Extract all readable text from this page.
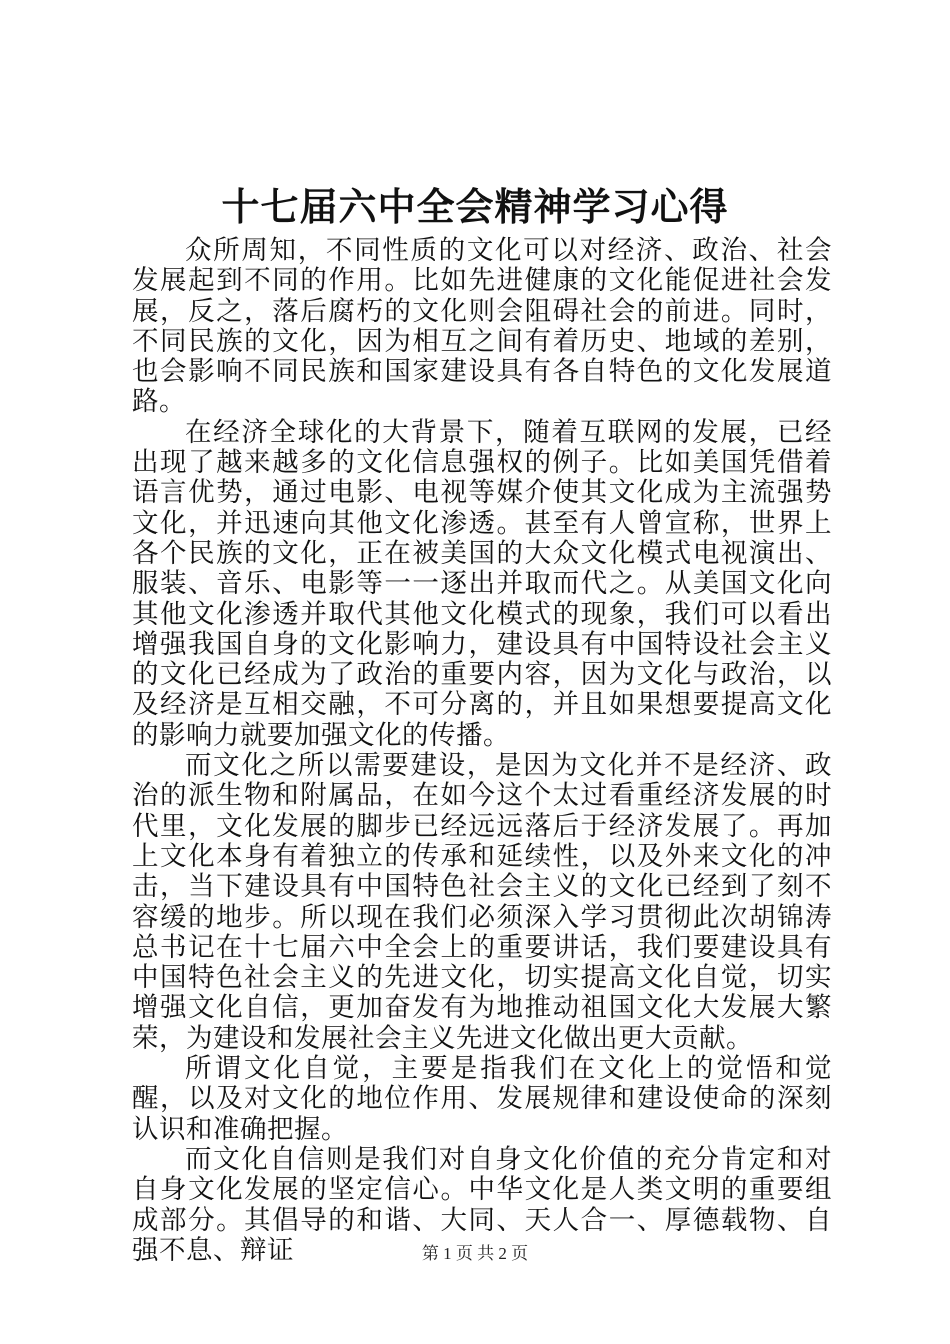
十七届六中全会精神学习心得

众所周知，不同性质的文化可以对经济、政治、社会发展起到不同的作用。比如先进健康的文化能促进社会发展，反之，落后腐朽的文化则会阻碍社会的前进。同时，不同民族的文化，因为相互之间有着历史、地域的差别，也会影响不同民族和国家建设具有各自特色的文化发展道路。

在经济全球化的大背景下，随着互联网的发展，已经出现了越来越多的文化信息强权的例子。比如美国凭借着语言优势，通过电影、电视等媒介使其文化成为主流强势文化，并迅速向其他文化渗透。甚至有人曾宣称，世界上各个民族的文化，正在被美国的大众文化模式电视演出、服装、音乐、电影等一一逐出并取而代之。从美国文化向其他文化渗透并取代其他文化模式的现象，我们可以看出增强我国自身的文化影响力，建设具有中国特设社会主义的文化已经成为了政治的重要内容，因为文化与政治，以及经济是互相交融，不可分离的，并且如果想要提高文化的影响力就要加强文化的传播。

而文化之所以需要建设，是因为文化并不是经济、政治的派生物和附属品，在如今这个太过看重经济发展的时代里，文化发展的脚步已经远远落后于经济发展了。再加上文化本身有着独立的传承和延续性，以及外来文化的冲击，当下建设具有中国特色社会主义的文化已经到了刻不容缓的地步。所以现在我们必须深入学习贯彻此次胡锦涛总书记在十七届六中全会上的重要讲话，我们要建设具有中国特色社会主义的先进文化，切实提高文化自觉，切实增强文化自信，更加奋发有为地推动祖国文化大发展大繁荣，为建设和发展社会主义先进文化做出更大贡献。

所谓文化自觉，主要是指我们在文化上的觉悟和觉醒，以及对文化的地位作用、发展规律和建设使命的深刻认识和准确把握。

而文化自信则是我们对自身文化价值的充分肯定和对自身文化发展的坚定信心。中华文化是人类文明的重要组成部分。其倡导的和谐、大同、天人合一、厚德载物、自强不息、辩证	第 1 页 共 2 页
